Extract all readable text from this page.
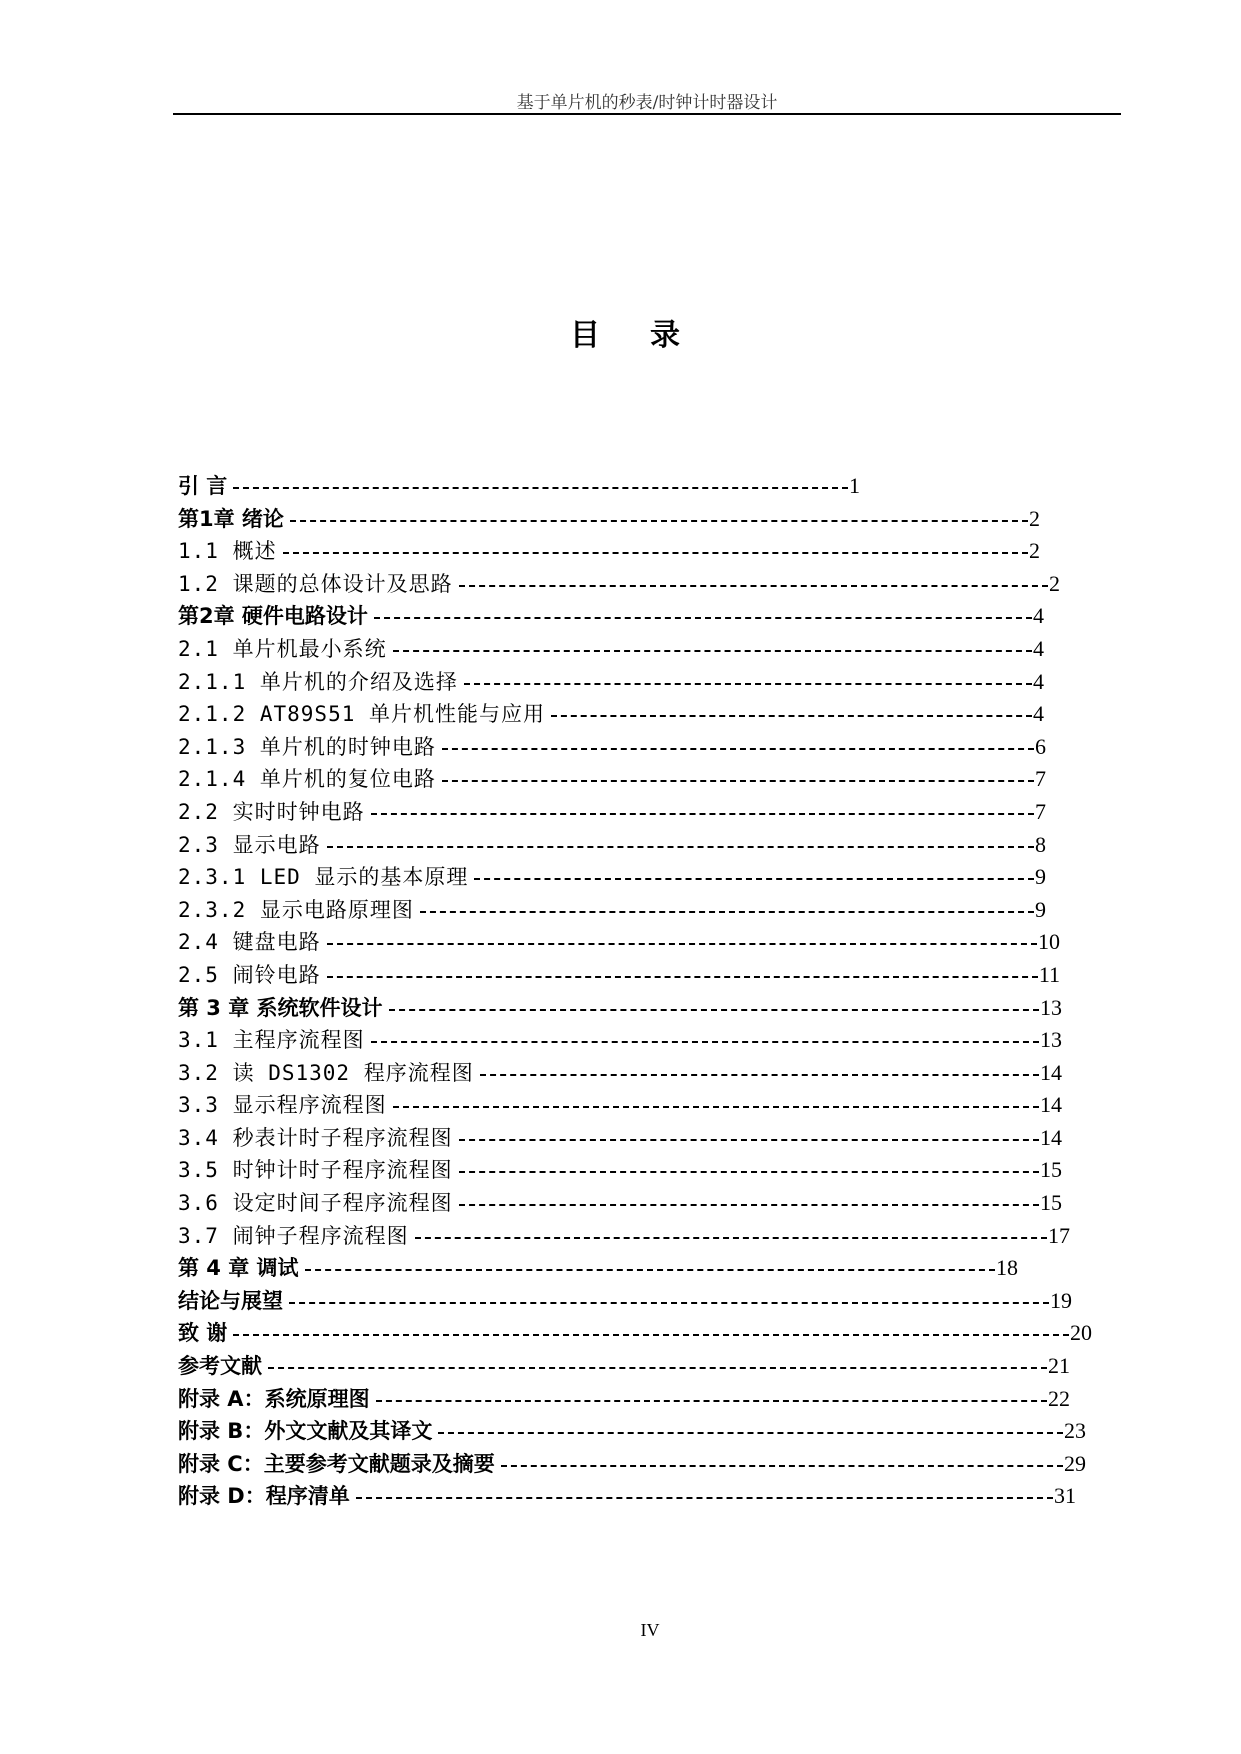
基于单片机的秒表/时钟计时器设计
目录
引 言	1
第1章 绪论	2
1.1 概述	2
1.2 课题的总体设计及思路	2
第2章 硬件电路设计	4
2.1 单片机最小系统	4
2.1.1 单片机的介绍及选择	4
2.1.2 AT89S51 单片机性能与应用	4
2.1.3 单片机的时钟电路	6
2.1.4 单片机的复位电路	7
2.2 实时时钟电路	7
2.3 显示电路	8
2.3.1 LED 显示的基本原理	9
2.3.2 显示电路原理图	9
2.4 键盘电路	10
2.5 闹铃电路	11
第 3 章 系统软件设计	13
3.1 主程序流程图	13
3.2 读 DS1302 程序流程图	14
3.3 显示程序流程图	14
3.4 秒表计时子程序流程图	14
3.5 时钟计时子程序流程图	15
3.6 设定时间子程序流程图	15
3.7 闹钟子程序流程图	17
第 4 章 调试	18
结论与展望	19
致 谢	20
参考文献	21
附录 A：系统原理图	22
附录 B：外文文献及其译文	23
附录 C：主要参考文献题录及摘要	29
附录 D：程序清单	31
IV
